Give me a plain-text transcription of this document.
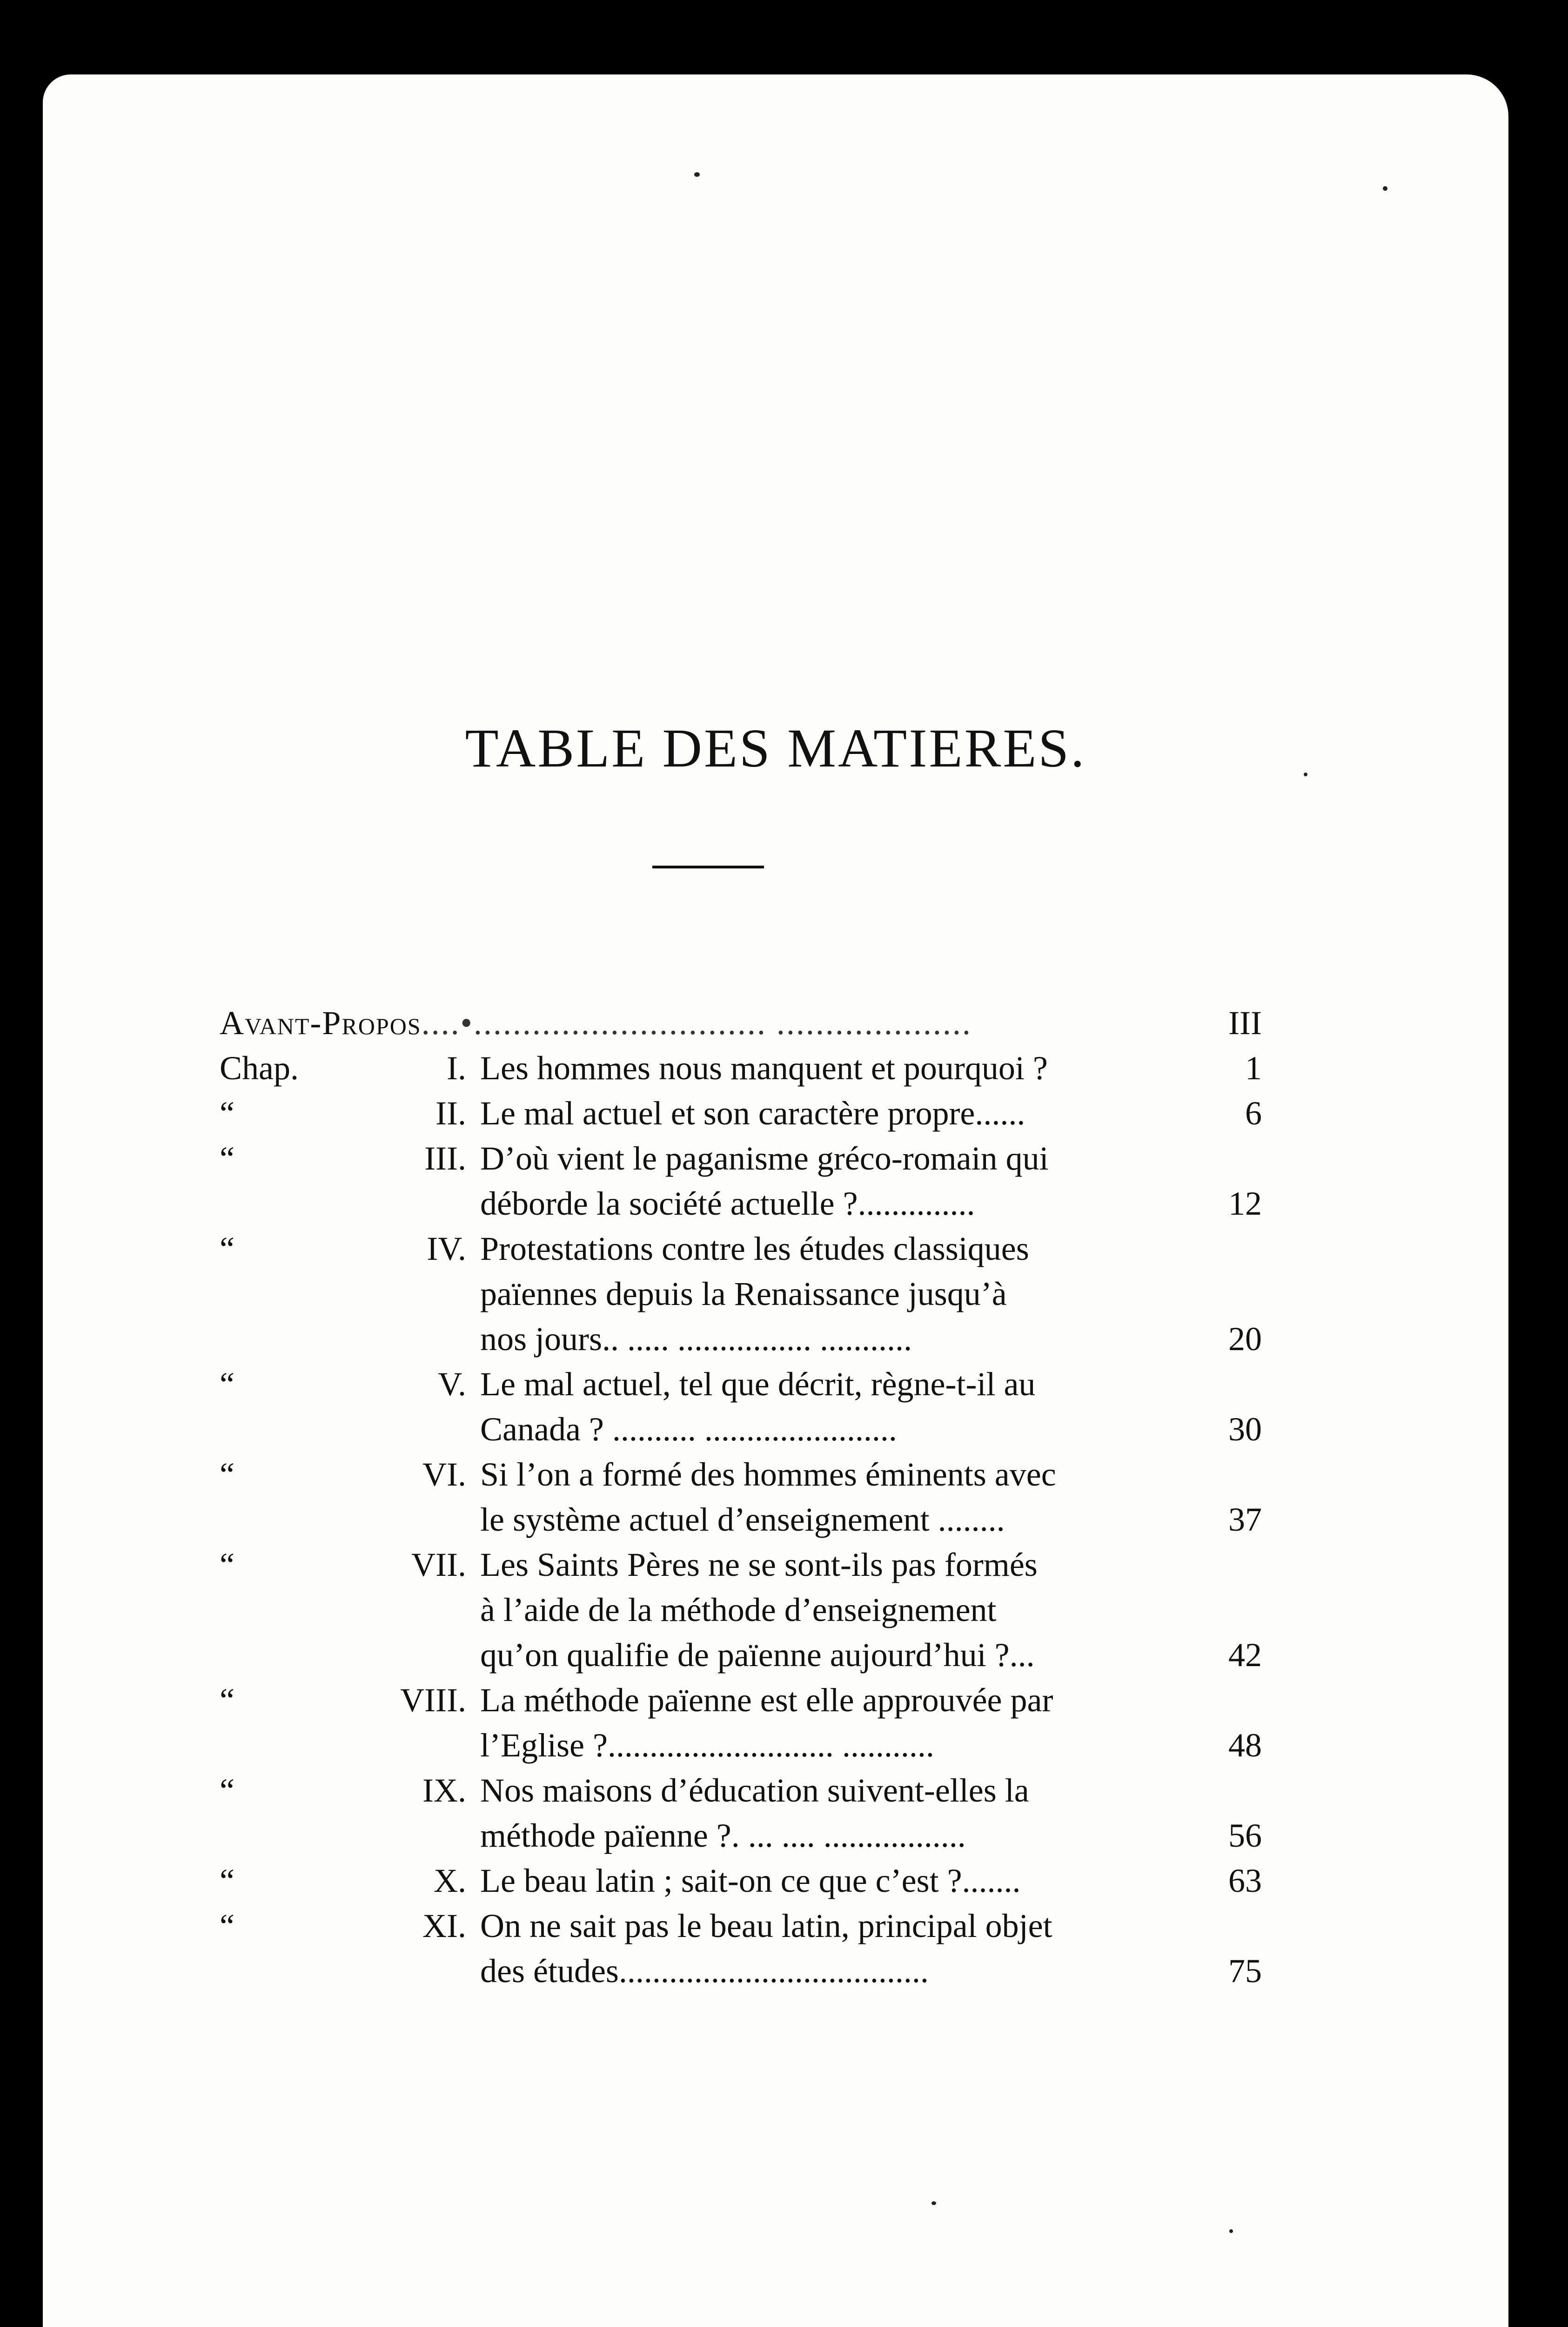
TABLE DES MATIERES.
Avant-Propos ....•.............................. ....................	III
Chap.	I. Les hommes nous manquent et pourquoi ?	1
“	II. Le mal actuel et son caractère propre......	6
“	III. D’où vient le paganisme gréco-romain qui
déborde la société actuelle ?..............	12
“	IV. Protestations contre les études classiques
païennes depuis la Renaissance jusqu’à
nos jours.. ..... ................ ...........	20
“	V. Le mal actuel, tel que décrit, règne-t-il au
Canada ? .......... .......................	30
“	VI. Si l’on a formé des hommes éminents avec
le système actuel d’enseignement ........	37
“	VII. Les Saints Pères ne se sont-ils pas formés
à l’aide de la méthode d’enseignement
qu’on qualifie de païenne aujourd’hui ?...	42
“	VIII. La méthode païenne est elle approuvée par
l’Eglise ?........................... ...........	48
“	IX. Nos maisons d’éducation suivent-elles la
méthode païenne ?. ... .... .................	56
“	X. Le beau latin ; sait-on ce que c’est ?.......	63
“	XI. On ne sait pas le beau latin, principal objet
des études.....................................	75
